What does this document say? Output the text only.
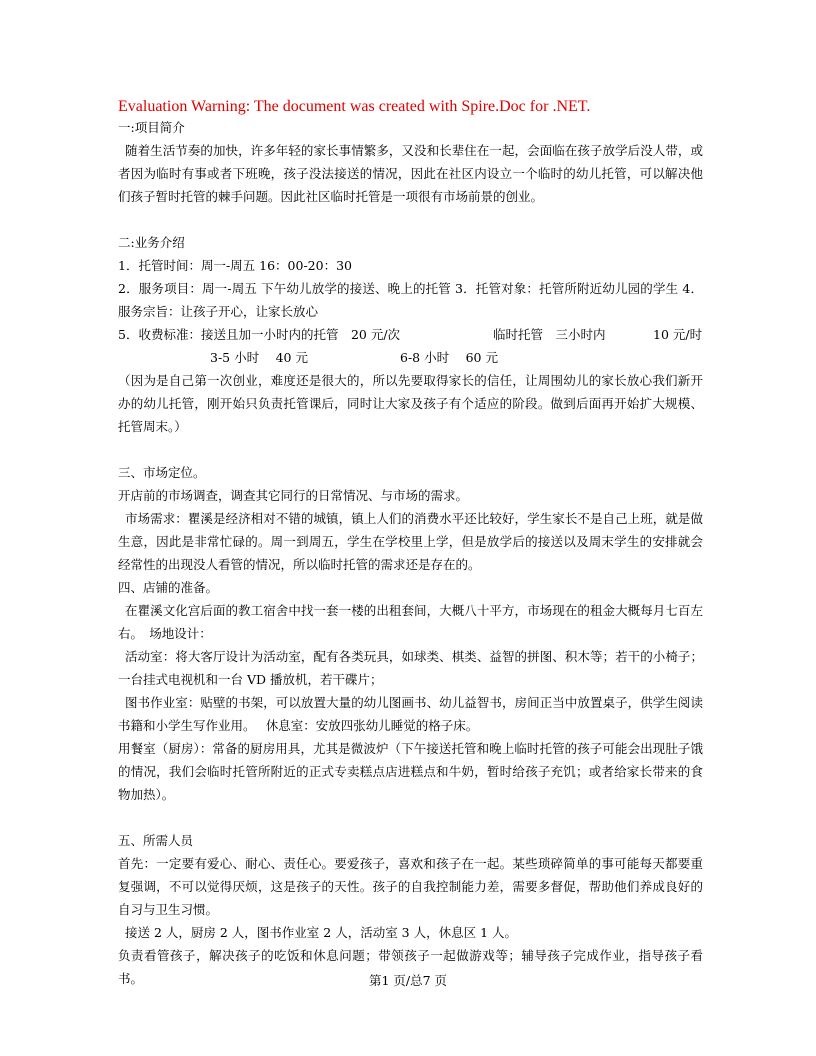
Evaluation Warning: The document was created with Spire.Doc for .NET.

一:项目简介

随着生活节奏的加快，许多年轻的家长事情繁多，又没和长辈住在一起，会面临在孩子放学后没人带，或者因为临时有事或者下班晚，孩子没法接送的情况，因此在社区内设立一个临时的幼儿托管，可以解决他们孩子暂时托管的棘手问题。因此社区临时托管是一项很有市场前景的创业。

二:业务介绍

1．托管时间：周一-周五 16：00-20：30

2．服务项目：周一-周五 下午幼儿放学的接送、晚上的托管 3．托管对象：托管所附近幼儿园的学生 4．服务宗旨：让孩子开心，让家长放心

5．收费标准：接送且加一小时内的托管　20 元/次	临时托管　三小时内	10 元/时
3-5 小时　 40 元	6-8 小时　 60 元

（因为是自己第一次创业，难度还是很大的，所以先要取得家长的信任，让周围幼儿的家长放心我们新开办的幼儿托管，刚开始只负责托管课后，同时让大家及孩子有个适应的阶段。做到后面再开始扩大规模、托管周末。）

三、市场定位。

开店前的市场调查，调查其它同行的日常情况、与市场的需求。

市场需求：瞿溪是经济相对不错的城镇，镇上人们的消费水平还比较好，学生家长不是自己上班，就是做生意，因此是非常忙碌的。周一到周五，学生在学校里上学，但是放学后的接送以及周末学生的安排就会经常性的出现没人看管的情况，所以临时托管的需求还是存在的。

四、店铺的准备。

在瞿溪文化宫后面的教工宿舍中找一套一楼的出租套间，大概八十平方，市场现在的租金大概每月七百左右。　场地设计：

活动室：将大客厅设计为活动室，配有各类玩具，如球类、棋类、益智的拼图、积木等；若干的小椅子；一台挂式电视机和一台 VD 播放机，若干碟片；

图书作业室：贴壁的书架，可以放置大量的幼儿图画书、幼儿益智书，房间正当中放置桌子，供学生阅读书籍和小学生写作业用。　 休息室：安放四张幼儿睡觉的格子床。

用餐室（厨房）：常备的厨房用具，尤其是微波炉（下午接送托管和晚上临时托管的孩子可能会出现肚子饿的情况，我们会临时托管所附近的正式专卖糕点店进糕点和牛奶，暂时给孩子充饥；或者给家长带来的食物加热）。

五、所需人员

首先：一定要有爱心、耐心、责任心。要爱孩子，喜欢和孩子在一起。某些琐碎简单的事可能每天都要重复强调，不可以觉得厌烦，这是孩子的天性。孩子的自我控制能力差，需要多督促，帮助他们养成良好的自习与卫生习惯。

接送 2 人，厨房 2 人，图书作业室 2 人，活动室 3 人，休息区 1 人。

负责看管孩子，解决孩子的吃饭和休息问题；带领孩子一起做游戏等；辅导孩子完成作业，指导孩子看书。	第1 页/总7 页
